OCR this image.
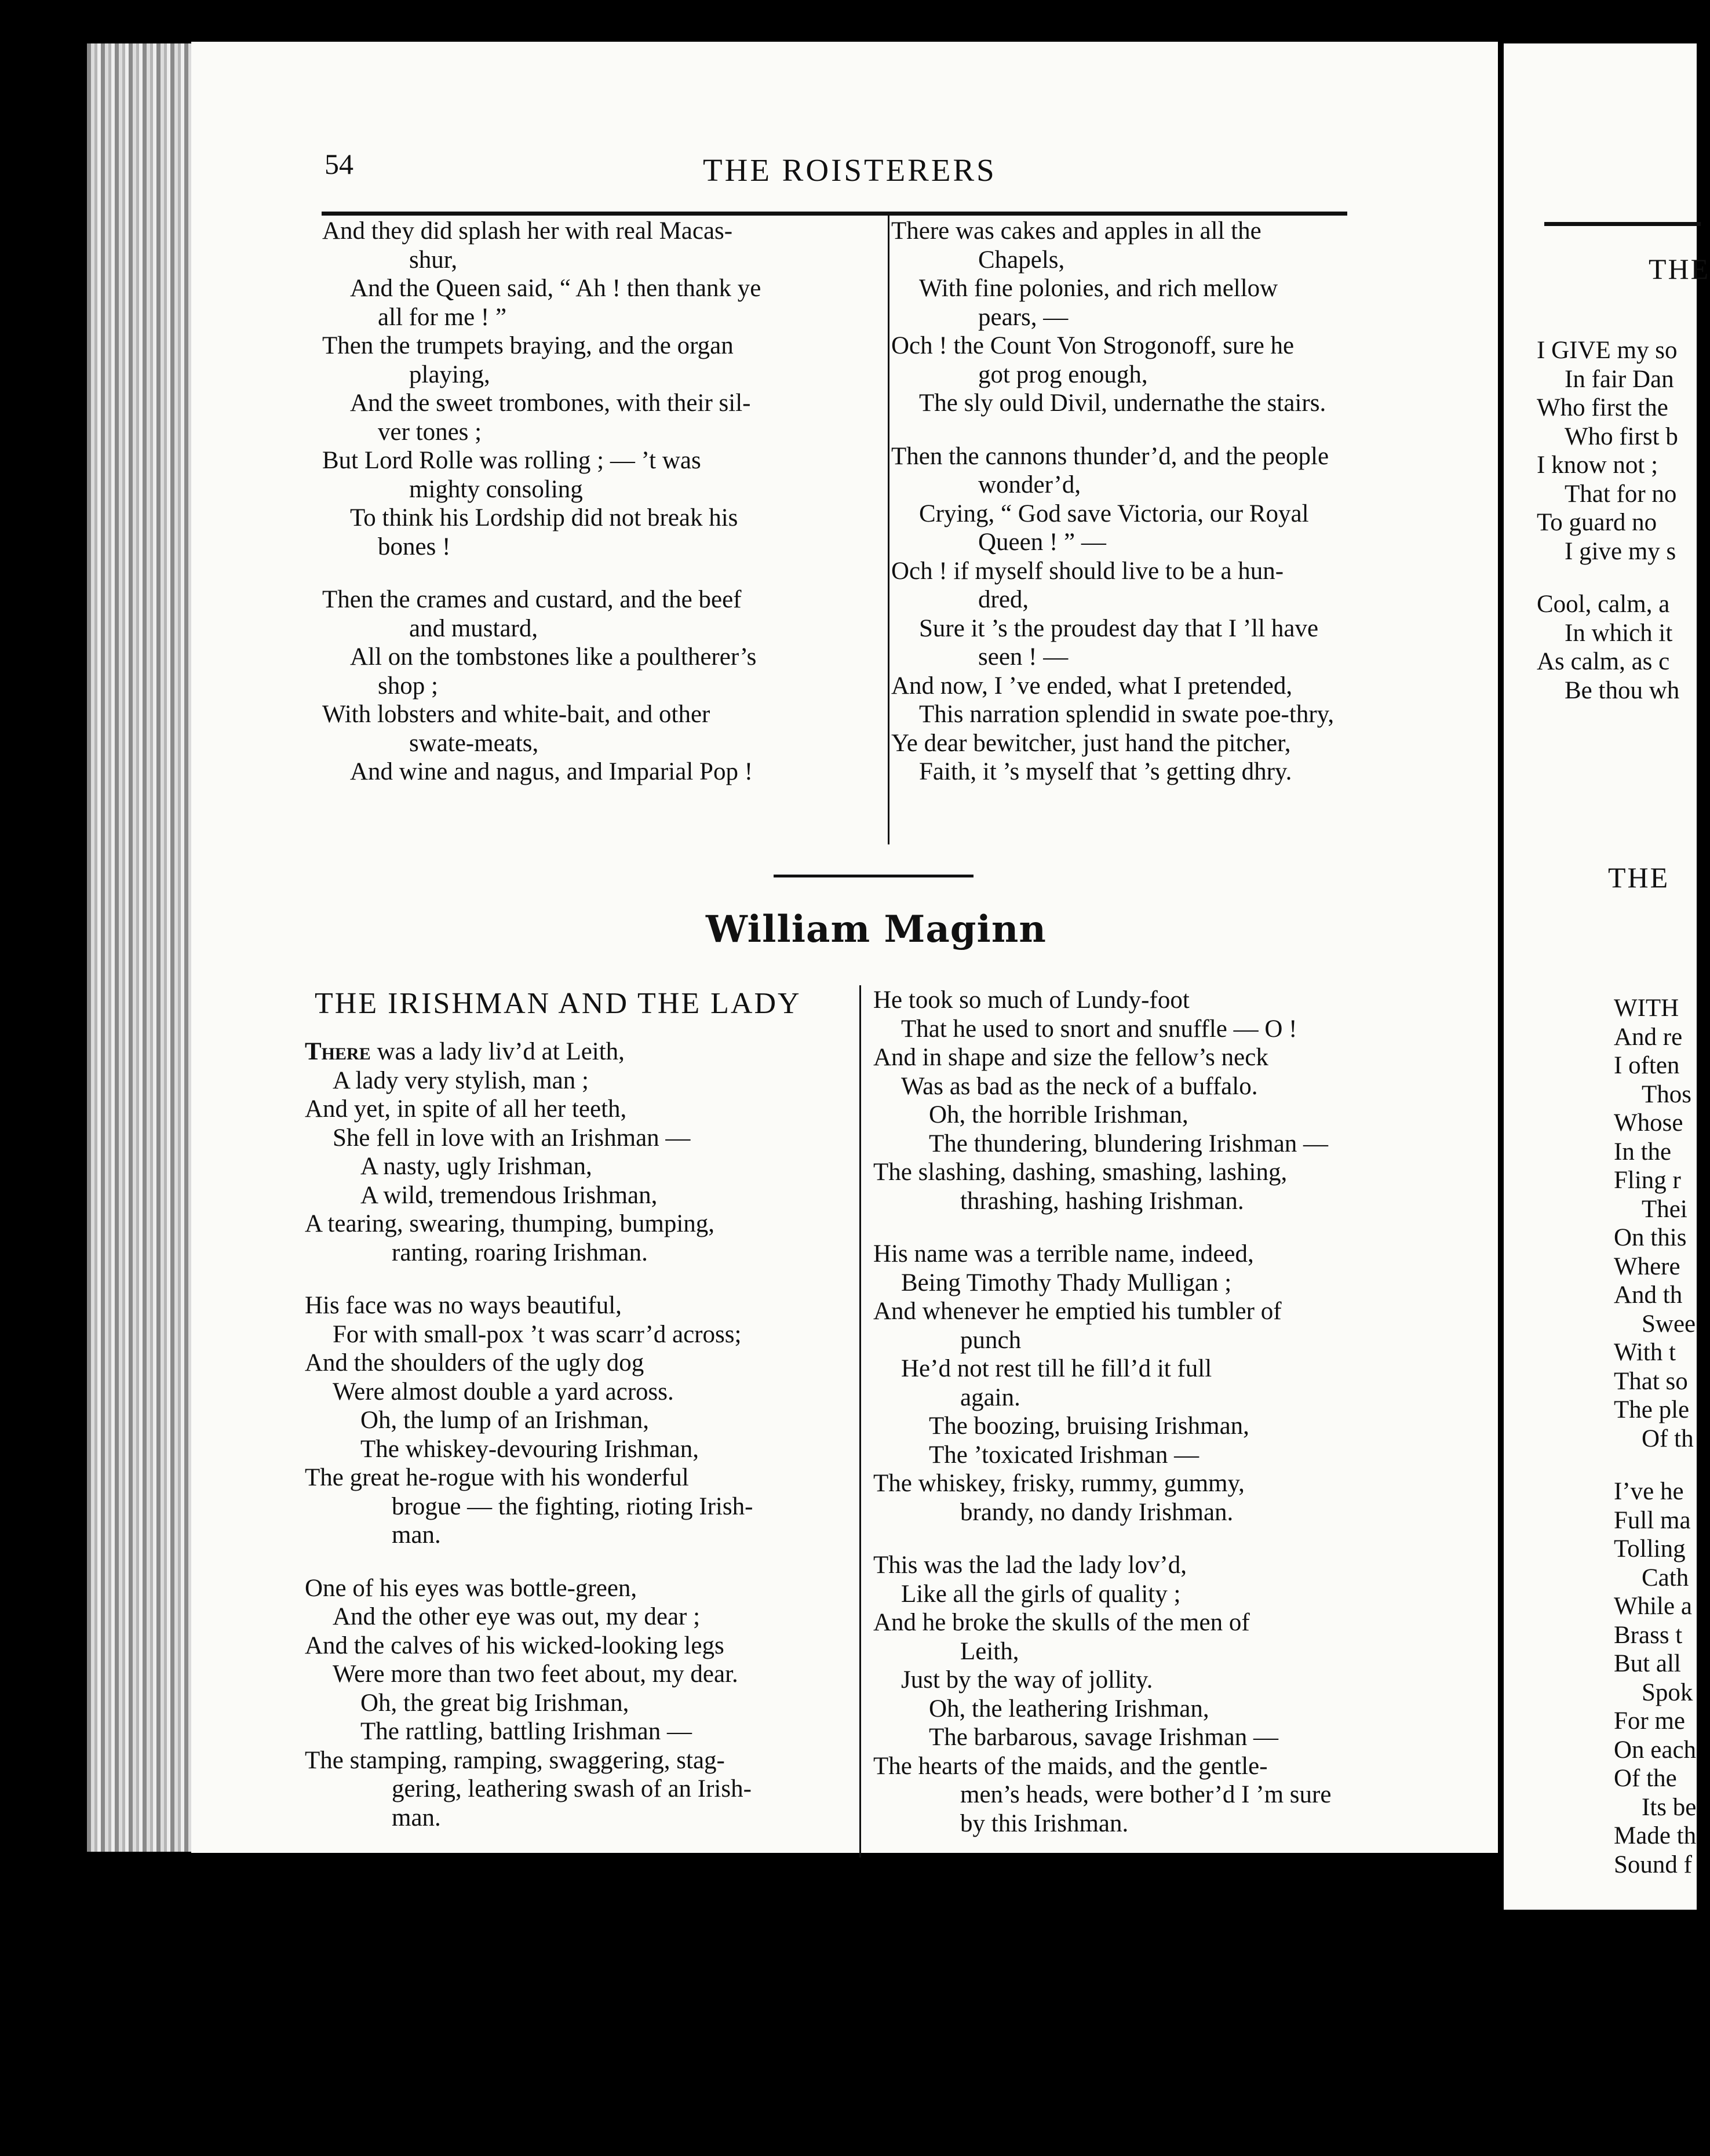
54	THE ROISTERERS
And they did splash her with real Macas-
shur,
And the Queen said, “ Ah ! then thank ye
all for me ! ”
Then the trumpets braying, and the organ
playing,
And the sweet trombones, with their sil-
ver tones ;
But Lord Rolle was rolling ; — ’t was
mighty consoling
To think his Lordship did not break his
bones !
Then the crames and custard, and the beef
and mustard,
All on the tombstones like a poultherer’s
shop ;
With lobsters and white-bait, and other
swate-meats,
And wine and nagus, and Imparial Pop !
There was cakes and apples in all the
Chapels,
With fine polonies, and rich mellow
pears, —
Och ! the Count Von Strogonoff, sure he
got prog enough,
The sly ould Divil, undernathe the stairs.
Then the cannons thunder’d, and the people
wonder’d,
Crying, “ God save Victoria, our Royal
Queen ! ” —
Och ! if myself should live to be a hun-
dred,
Sure it ’s the proudest day that I ’ll have
seen ! —
And now, I ’ve ended, what I pretended,
This narration splendid in swate poe-thry,
Ye dear bewitcher, just hand the pitcher,
Faith, it ’s myself that ’s getting dhry.
William Maginn
THE IRISHMAN AND THE LADY
There was a lady liv’d at Leith,
A lady very stylish, man ;
And yet, in spite of all her teeth,
She fell in love with an Irishman —
A nasty, ugly Irishman,
A wild, tremendous Irishman,
A tearing, swearing, thumping, bumping,
ranting, roaring Irishman.
His face was no ways beautiful,
For with small-pox ’t was scarr’d across;
And the shoulders of the ugly dog
Were almost double a yard across.
Oh, the lump of an Irishman,
The whiskey-devouring Irishman,
The great he-rogue with his wonderful
brogue — the fighting, rioting Irish-
man.
One of his eyes was bottle-green,
And the other eye was out, my dear ;
And the calves of his wicked-looking legs
Were more than two feet about, my dear.
Oh, the great big Irishman,
The rattling, battling Irishman —
The stamping, ramping, swaggering, stag-
gering, leathering swash of an Irish-
man.
He took so much of Lundy-foot
That he used to snort and snuffle — O !
And in shape and size the fellow’s neck
Was as bad as the neck of a buffalo.
Oh, the horrible Irishman,
The thundering, blundering Irishman —
The slashing, dashing, smashing, lashing,
thrashing, hashing Irishman.
His name was a terrible name, indeed,
Being Timothy Thady Mulligan ;
And whenever he emptied his tumbler of
punch
He’d not rest till he fill’d it full
again.
The boozing, bruising Irishman,
The ’toxicated Irishman —
The whiskey, frisky, rummy, gummy,
brandy, no dandy Irishman.
This was the lad the lady lov’d,
Like all the girls of quality ;
And he broke the skulls of the men of
Leith,
Just by the way of jollity.
Oh, the leathering Irishman,
The barbarous, savage Irishman —
The hearts of the maids, and the gentle-
men’s heads, were bother’d I ’m sure
by this Irishman.
THE
I GIVE my so
In fair Dan
Who first the
Who first b
I know not ;
That for no
To guard no
I give my s
Cool, calm, a
In which it
As calm, as c
Be thou wh
THE
WITH
And re
I often
Thos
Whose
In the
Fling r
Thei
On this
Where
And th
Swee
With t
That so
The ple
Of th
I’ve he
Full ma
Tolling
Cath
While a
Brass t
But all
Spok
For me
On each
Of the
Its be
Made th
Sound f
